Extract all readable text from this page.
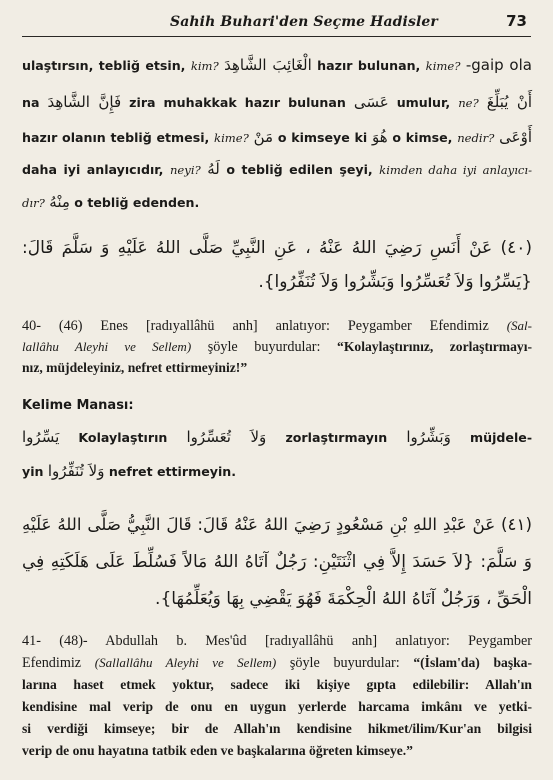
Sahih Buhari'den Seçme Hadisler	73
ulaştırsın, tebliğ etsin, kim? الْغَائِبَ الشَّاهِدَ hazır bulunan, kime? gaip ola-
na فَإِنَّ الشَّاهِدَ zira muhakkak hazır bulunan عَسَى umulur, ne? أَنْ يُبَلِّغَ
hazır olanın tebliğ etmesi, kime? مَنْ o kimseye ki هُوَ o kimse, nedir? أَوْعَى
daha iyi anlayıcıdır, neyi? لَهُ o tebliğ edilen şeyi, kimden daha iyi anlayıcı-
dır? مِنْهُ o tebliğ edenden.
(٤٠) عَنْ أَنَسِ رَضِيَ اللهُ عَنْهُ ، عَنِ النَّبِيِّ صَلَّى اللهُ عَلَيْهِ وَ سَلَّمَ قَالَ:
{يَسِّرُوا وَلاَ تُعَسِّرُوا وَبَشِّرُوا وَلاَ تُنَفِّرُوا}.
40- (46) Enes [radıyallâhü anh] anlatıyor: Peygamber Efendimiz (Sal-
lallâhu Aleyhi ve Sellem) şöyle buyurdular: “Kolaylaştırınız, zorlaştırmayı-
nız, müjdeleyiniz, nefret ettirmeyiniz!”
Kelime Manası:
يَسِّرُوا Kolaylaştırın وَلاَ تُعَسِّرُوا zorlaştırmayın وَبَشِّرُوا müjdele-
yin وَلاَ تُنَفِّرُوا nefret ettirmeyin.
(٤١) عَنْ عَبْدِ اللهِ بْنِ مَسْعُودٍ رَضِيَ اللهُ عَنْهُ قَالَ: قَالَ النَّبِيُّ صَلَّى اللهُ عَلَيْهِ
وَ سَلَّمَ: {لاَ حَسَدَ إِلاَّ فِي اثْنَتَيْنِ: رَجُلٌ آتَاهُ اللهُ مَالاً فَسُلِّطَ عَلَى هَلَكَتِهِ فِي
الْحَقِّ ، وَرَجُلٌ آتَاهُ اللهُ الْحِكْمَةَ فَهُوَ يَقْضِي بِهَا وَيُعَلِّمُهَا}.
41- (48)- Abdullah b. Mes'ûd [radıyallâhü anh] anlatıyor: Peygamber
Efendimiz (Sallallâhu Aleyhi ve Sellem) şöyle buyurdular: “(İslam'da) başka-
larına haset etmek yoktur, sadece iki kişiye gıpta edilebilir: Allah'ın
kendisine mal verip de onu en uygun yerlerde harcama imkânı ve yetki-
si verdiği kimseye; bir de Allah'ın kendisine hikmet/ilim/Kur'an bilgisi
verip de onu hayatına tatbik eden ve başkalarına öğreten kimseye.”
